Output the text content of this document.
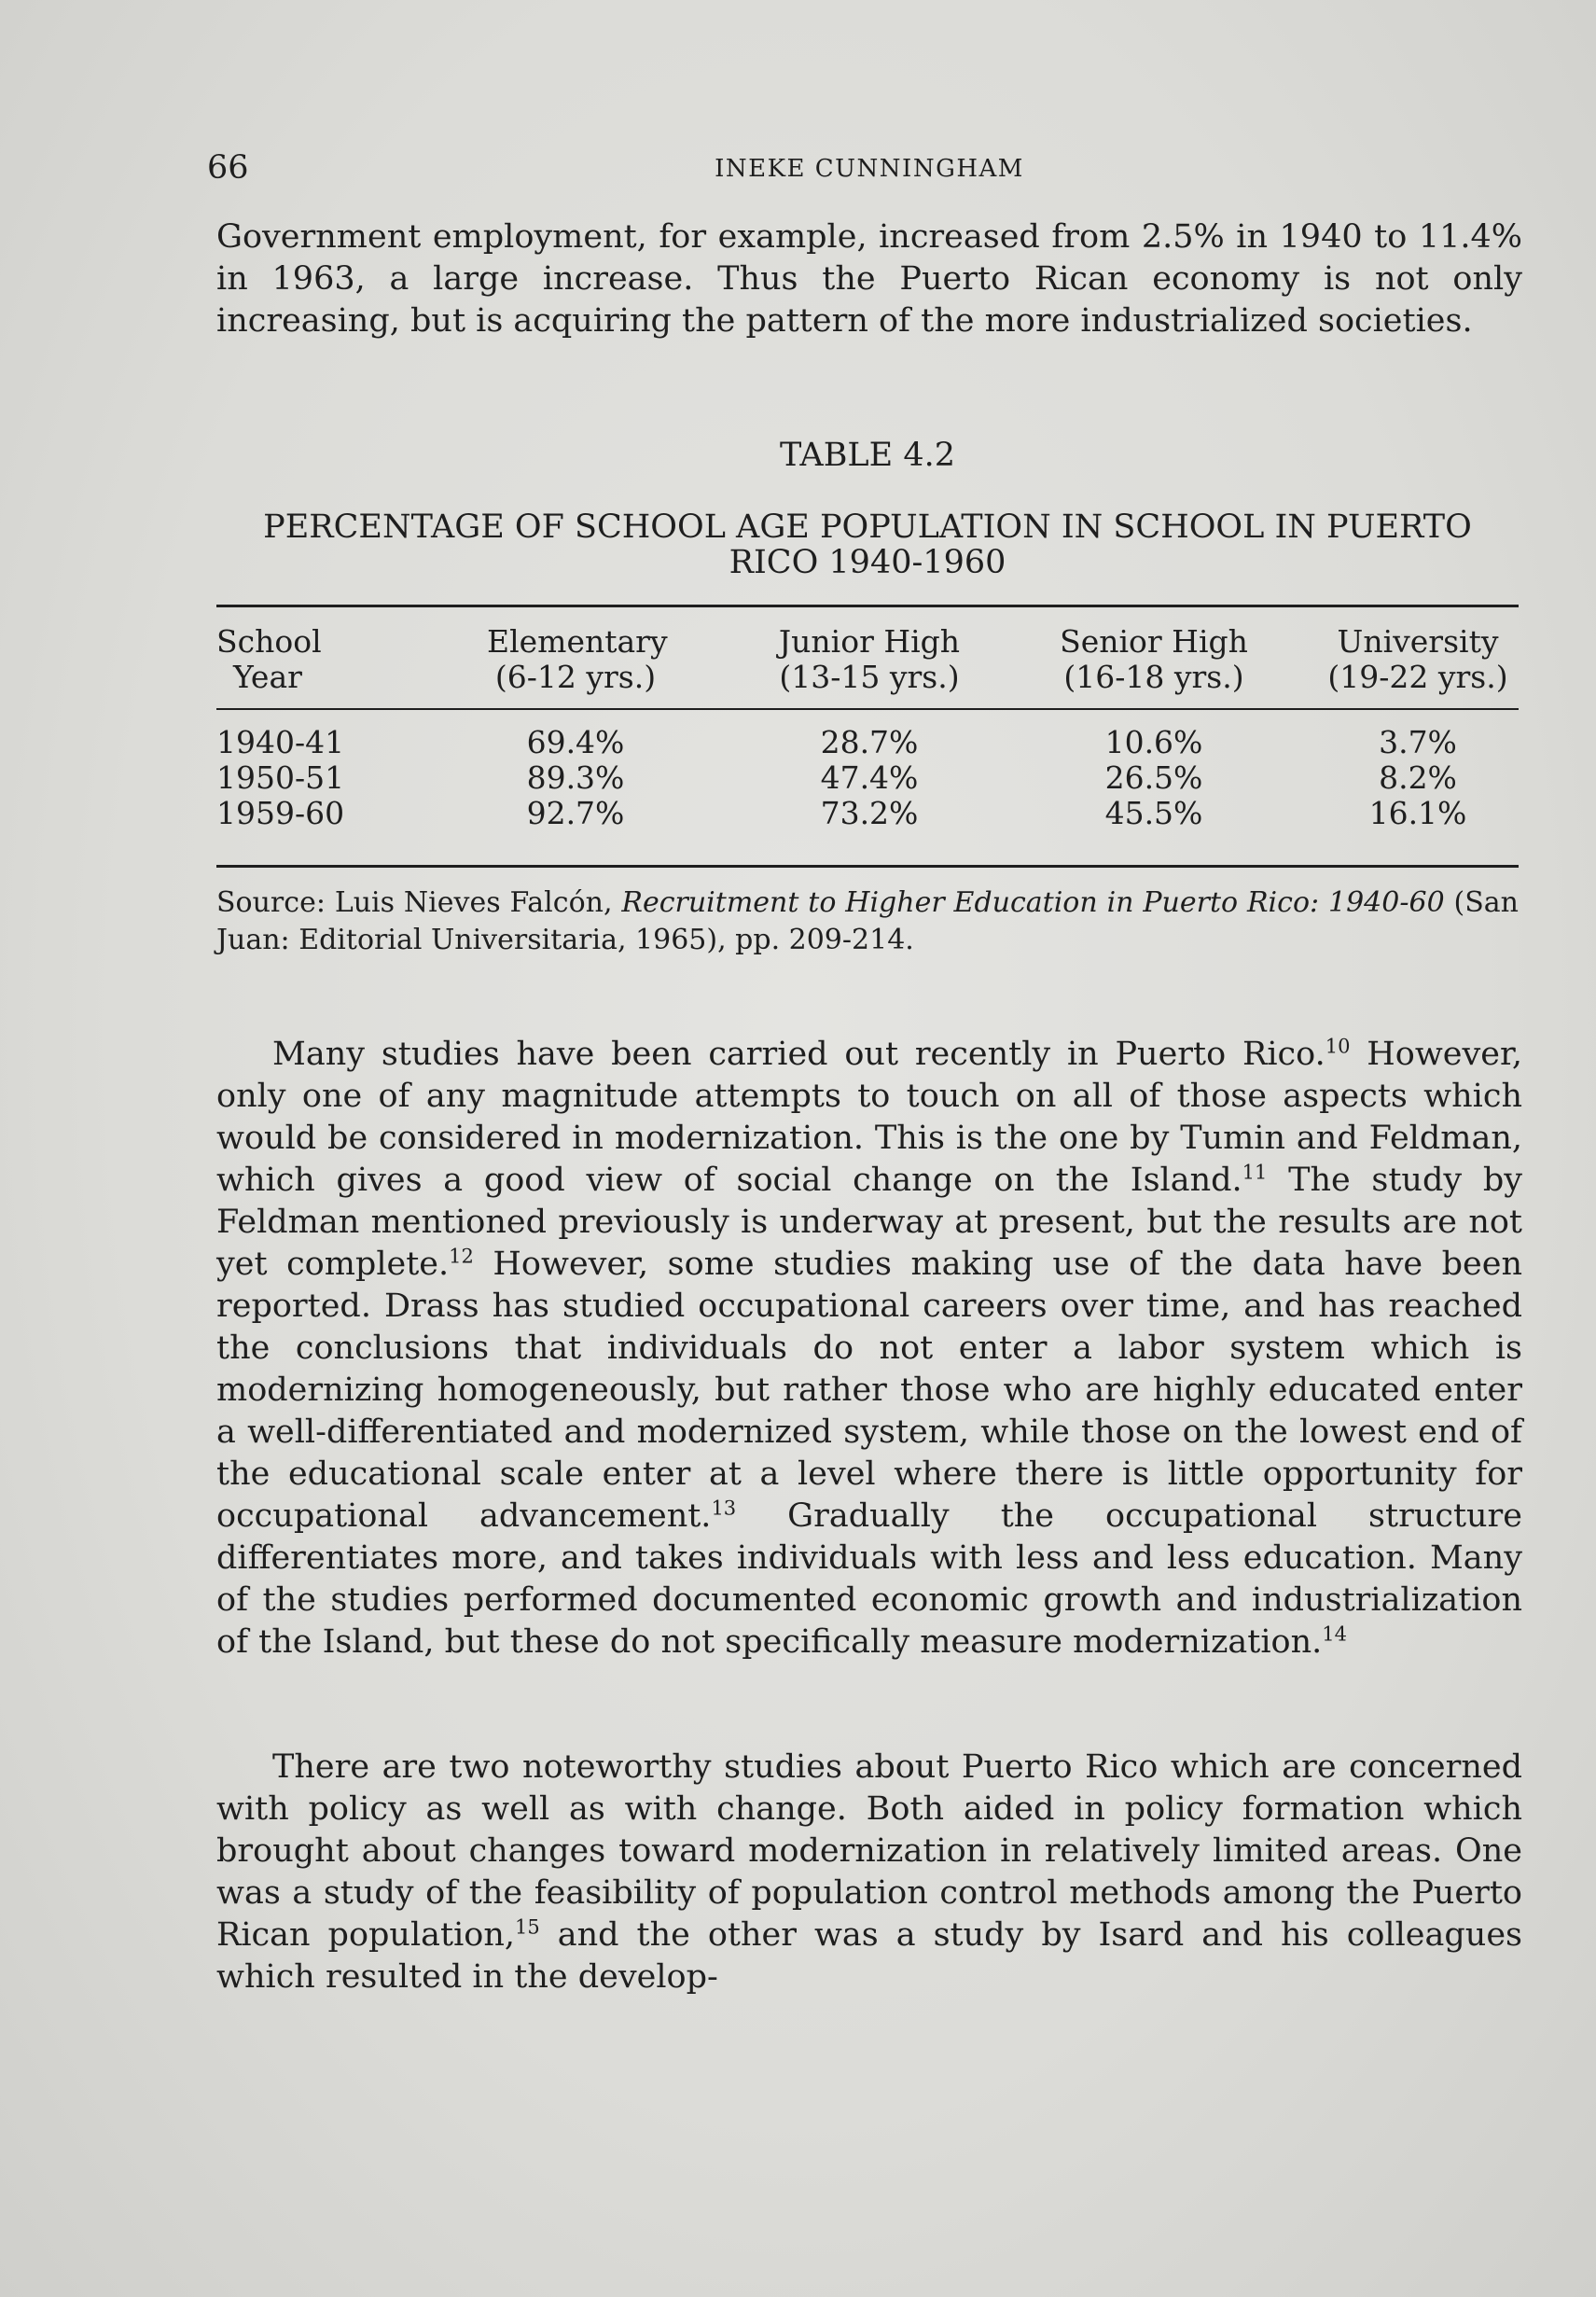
66	INEKE CUNNINGHAM

Government employment, for example, increased from 2.5% in 1940 to 11.4% in 1963, a large increase. Thus the Puerto Rican economy is not only increasing, but is acquiring the pattern of the more industrialized societies.

TABLE 4.2
PERCENTAGE OF SCHOOL AGE POPULATION IN SCHOOL IN PUERTO RICO 1940-1960
School	Elementary	Junior High	Senior High	University
Year	(6-12 yrs.)	(13-15 yrs.)	(16-18 yrs.)	(19-22 yrs.)
1940-41	69.4%	28.7%	10.6%	3.7%
1950-51	89.3%	47.4%	26.5%	8.2%
1959-60	92.7%	73.2%	45.5%	16.1%
Source: Luis Nieves Falcón, Recruitment to Higher Education in Puerto Rico: 1940-60 (San Juan: Editorial Universitaria, 1965), pp. 209-214.

Many studies have been carried out recently in Puerto Rico.$^{10}$ However, only one of any magnitude attempts to touch on all of those aspects which would be considered in modernization. This is the one by Tumin and Feldman, which gives a good view of social change on the Island.$^{11}$ The study by Feldman mentioned previously is underway at present, but the results are not yet complete.$^{12}$ However, some studies making use of the data have been reported. Drass has studied occupational careers over time, and has reached the conclusions that individuals do not enter a labor system which is modernizing homogeneously, but rather those who are highly educated enter a well-differentiated and modernized system, while those on the lowest end of the educational scale enter at a level where there is little opportunity for occupational advancement.$^{13}$ Gradually the occupational structure differentiates more, and takes individuals with less and less education. Many of the studies performed documented economic growth and industrialization of the Island, but these do not specifically measure modernization.$^{14}$

There are two noteworthy studies about Puerto Rico which are concerned with policy as well as with change. Both aided in policy formation which brought about changes toward modernization in relatively limited areas. One was a study of the feasibility of population control methods among the Puerto Rican population,$^{15}$ and the other was a study by Isard and his colleagues which resulted in the develop-
